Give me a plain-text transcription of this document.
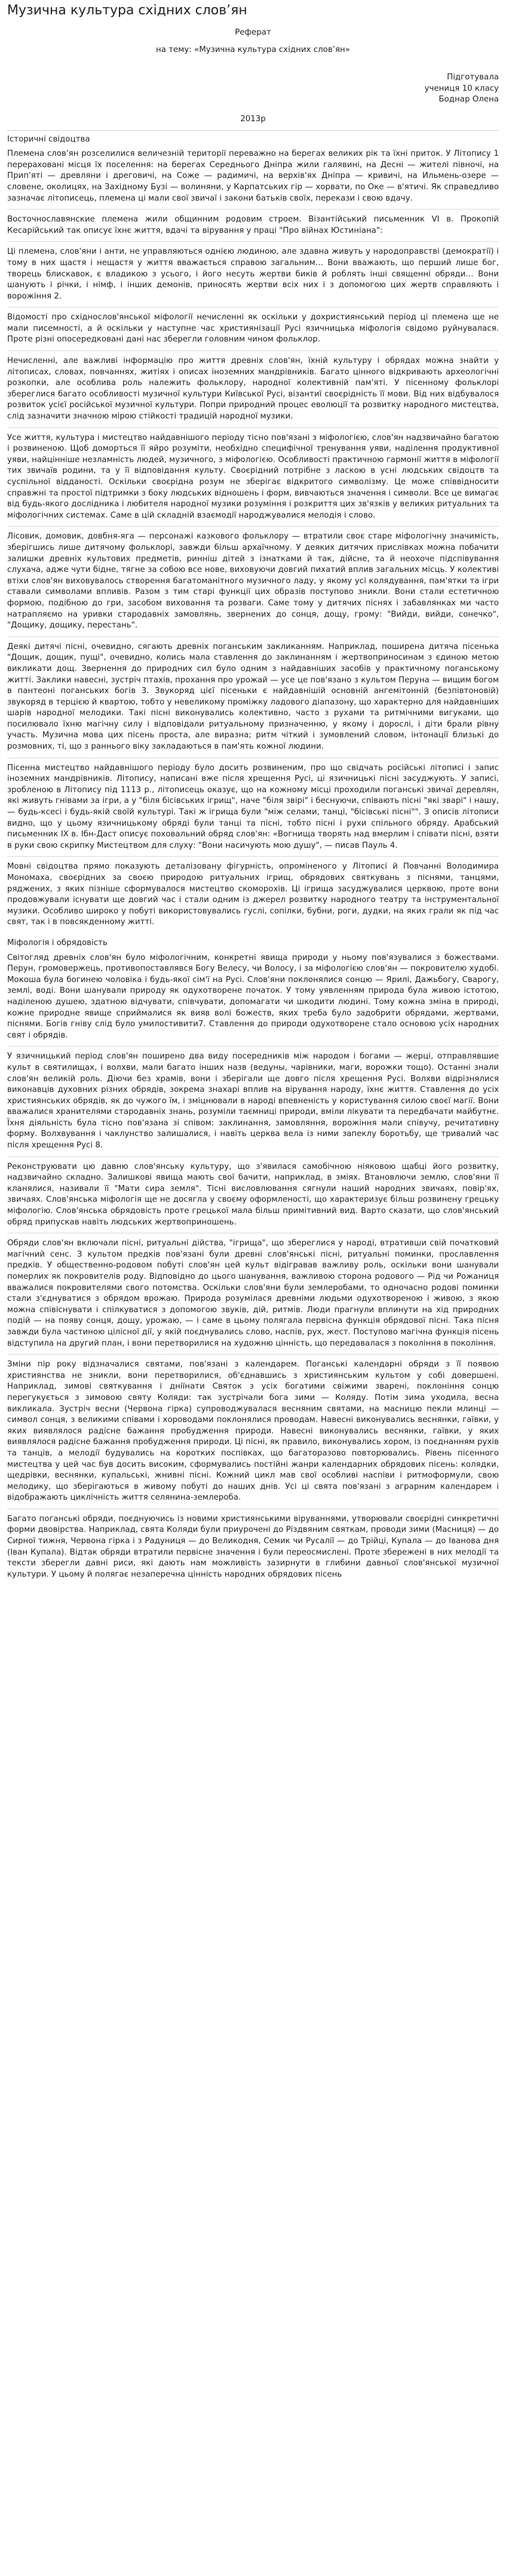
Музична культура східних слов’ян
Реферат
на тему: «Музична культура східних слов’ян»
Підготувала
учениця 10 класу
Боднар Олена
2013р
Історичні свідоцтва

Племена слов'ян розселилися величезній території переважно на берегах великих рік та їхні приток. У Літопису 1 перераховані місця їх поселення: на берегах Середнього Дніпра жили галявині, на Десні — жителі півночі, на Прип'яті — древляни і дреговичі, на Соже — радимичі, на верхів'ях Дніпра — кривичі, на Ильмень-озере — словене, околицях, на Західному Бузі — волиняни, у Карпатських гір — хорвати, по Оке — в'ятичі. Як справедливо зазначає літописець, племена ці мали свої звичаї і закони батьків своїх, перекази і свою вдачу.

Восточнославянские племена жили общинним родовим строем. Візантійський письменник VI в. Прокопій Кесарійський так описує їхнє життя, вдачі та вірування у праці "Про війнах Юстиніана":

Ці племена, слов'яни і анти, не управляються однією людиною, але здавна живуть у народоправстві (демократії) і тому в них щастя і нещастя у життя вважається справою загальним… Вони вважають, що перший лише бог, творець блискавок, є владикою з усього, і його несуть жертви биків й роблять інші священні обряди… Вони шанують і річки, і німф, і інших демонів, приносять жертви всіх них і з допомогою цих жертв справляють і ворожіння 2.

Відомості про східнослов'янської міфології нечисленні як оскільки у дохристиянський період ці племена ще не мали писемності, а й оскільки у наступне час християнізації Русі язичницька міфологія свідомо руйнувалася. Проте різні опосередковані дані нас зберегли головним чином фольклор.

Нечисленні, але важливі інформацію про життя древніх слов'ян, їхній культуру і обрядах можна знайти у літописах, словах, повчаннях, житіях і описах іноземних мандрівників. Багато цінного відкривають археологічні розкопки, але особлива роль належить фольклору, народної колективній пам'яті. У пісенному фольклорі збереглися багато особливості музичної культури Київської Русі, візантиї своєрідність її мови. Від них відбувалося розвиток усієї російської музичної культури. Попри природний процес еволюції та розвитку народного мистецтва, слід зазначити значною мірою стійкості традицій народної музики.

Усе життя, культура і мистецтво найдавнішого періоду тісно пов'язані з міфологією, слов'ян надзвичайно багатою і розвиненою. Щоб доморться її яйро розуміти, необхідно специфічної тренування уяви, наділення продуктивної уяви, найцінніше незламність людей, музичного, з міфологією. Особливості практичною гармонії життя в міфології тих звичаїв родини, та у її відповідання культу. Своєрідний потрібне з ласкою в усні людських свідоцтв та суспільної відданості. Оскільки своєрідна розум не зберігає відкритого символізму. Це може співвідносити справжні та простої підтримки з боку людських відношень і форм, вивчаються значення і символи. Все це вимагає від будь-якого дослідника і любителя народної музики розуміння і розкриття цих зв'язків у великих ритуальних та міфологічних системах. Саме в цій складній взаємодії народжувалися мелодія і слово.

Лісовик, домовик, довбня-яга — персонажі казкового фольклору — втратили своє старе міфологічну значимість, зберігшись лише дитячому фольклорі, завжди більш архаїчному. У деяких дитячих прислівках можна побачити залишки древніх культових предметів, ринніш дітей з ізнатками й так, дійсне, та й неохоче підспівування слухача, адже чути бідне, тягне за собою все нове, виховуючи довгий пихатий вплив загальних місць. У колективі втіхи слов'ян виховувалось створення багатоманітного музичного ладу, у якому усі колядування, пам'ятки та ігри ставали символами впливів. Разом з тим старі функції цих образів поступово зникли. Вони стали естетичною формою, подібною до гри, засобом виховання та розваги. Саме тому у дитячих піснях і забавлянках ми часто натрапляємо на уривки стародавніх замовлянь, звернених до сонця, дощу, грому: "Вийди, вийди, сонечко", "Дощику, дощику, перестань".

Деякі дитячі пісні, очевидно, сягають древніх поганським закликанням. Наприклад, поширена дитяча пісенька "Дощик, дощик, пущі", очевидно, колись мала ставлення до заклинанням і жертвоприносинам з єдиною метою викликати дощ. Звернення до природних сил було одним з найдавніших засобів у практичному поганському житті. Заклики навесні, зустріч птахів, прохання про урожай — усе це пов'язано з культом Перуна — вищим богом в пантеоні поганських богів 3. Звукоряд цієї пісеньки є найдавнішій основній ангемітонній (безпівтоновій) звукоряд в терцією й квартою, тобто у невеликому проміжку ладового діапазону, що характерно для найдавніших шарів народної мелодики. Такі пісні виконувались колективно, часто з рухами та ритмічними вигуками, що посилювало їхню магічну силу і відповідали ритуальному призначенню, у якому і дорослі, і діти брали рівну участь. Музична мова цих пісень проста, але виразна; ритм чіткий і зумовлений словом, інтонації близькі до розмовних, ті, що з раннього віку закладаються в пам'ять кожної людини.

Пісенна мистецтво найдавнішого періоду було досить розвиненим, про що свідчать російські літописі і запис іноземних мандрівників. Літопису, написані вже після хрещення Русі, ці язичницькі пісні засуджують. У записі, зробленою в Літопису під 1113 р., літописець оказує, що на кожному місці проходили поганські звичаї деревлян, які живуть гнівами за ігри, а у "біля бісівських ігрищ", наче "біля звірі" і беснуючи, співають пісні "які зварі" і нашу, — будь-ксесі і будь-якій своїй культурі. Такі ж ігрища були "між селами, танці, "бісівські пісні"". З описів літописи видно, що у цьому язичницькому обряді були танці та пісні, тобто пісні і рухи спільного обряду. Арабський письменник IX в. Ібн-Даст описує поховальний обряд слов'ян: «Вогнища творять над вмерлим і співати пісні, взяти в руки свою скрипку Мистецтвом для слуху: "Вони насичують мою душу", — писав Пауль 4.

Мовні свідоцтва прямо показують деталізовану фігурність, опроміненого у Літописі й Повчанні Володимира Мономаха, своєрідних за своєю природою ритуальних ігрищ, обрядових святкувань з піснями, танцями, ряджених, з яких пізніше сформувалося мистецтво скоморохів. Ці ігрища засуджувалися церквою, проте вони продовжували існувати ще довгий час і стали одним із джерел розвитку народного театру та інструментальної музики. Особливо широко у побуті використовувались гуслі, сопілки, бубни, роги, дудки, на яких грали як під час свят, так і в повсякденному житті.

Міфологія і обрядовість

Світогляд древніх слов'ян було міфологічним, конкретні явища природи у ньому пов'язувалися з божествами. Перун, громовержець, противопоставлявся Богу Велесу, чи Волосу, і за міфологією слов'ян — покровителю худобі. Мокоша була богинею чоловіка і будь-якої сім'ї на Русі. Слов'яни поклонялися сонцю — Ярилі, Дажьбогу, Сварогу, землі, воді. Вони шанували природу як одухотворене початок. У тому уявленням природа була живою істотою, наділеною душею, здатною відчувати, співчувати, допомагати чи шкодити людині. Тому кожна зміна в природі, кожне природне явище сприймалися як вияв волі божеств, яких треба було задобрити обрядами, жертвами, піснями. Богів гніву слід було умилостивити7. Ставлення до природи одухотворене стало основою усіх народних свят і обрядів.

У язичницький період слов'ян поширено два виду посередників між народом і богами — жерці, отправлявшие культ в святилищах, і волхви, мали багато інших назв (ведуны, чарівники, маги, ворожки тощо). Останні знали слов'ян великій роль. Діючи без храмів, вони і зберігали ще довго після хрещення Русі. Волхви відрізнялися виконавців духовних різних обрядів, зокрема знахарі вплив на вірування народу, їхнє життя. Ставлення до усіх християнських обрядів, як до чужого їм, і зміцнювали в народі впевненість у користування силою своєї магії. Вони вважалися хранителями стародавніх знань, розуміли таємниці природи, вміли лікувати та передбачати майбутнє. Їхня діяльність була тісно пов'язана зі співом: заклинання, замовляння, ворожіння мали співучу, речитативну форму. Волхвування і чаклунство залишалися, і навіть церква вела із ними запеклу боротьбу, ще тривалий час після хрещення Русі 8.

Реконструювати цю давню слов'янську культуру, що з'явилася самобічною ніяковою щабці його розвитку, надзвичайно складно. Залишкові явища мають свої бачити, наприклад, в зміях. Втановлючи землю, слов'яни її кланялися, називали її "Мати сира земля". Тісні висловлювання сягнули наший народних звичаях, повір'ях, звичаях. Слов'янська міфологія ще не досягла у своєму оформленості, що характеризує більш розвинену грецьку міфологію. Слов'янська обрядовість проте грецької мала більш примітивний вид. Варто сказати, що слов'янський обряд припускав навіть людських жертвоприношень.

Обряди слов'ян включали пісні, ритуальні дійства, "ігрища", що збереглися у народі, втративши свій початковий магічний сенс. З культом предків пов'язані були древні слов'янські пісні, ритуальні поминки, прославлення предків. У общественно-родовом побуті слов'ян цей культ відігравав важливу роль, оскільки вони шанували померлих як покровителів роду. Відповідно до цього шанування, важливою сторона родового — Рід чи Рожаниця вважалися покровителями свого потомства. Оскільки слов'яни були землеробами, то одночасно родові поминки стали з'єднуватися з обрядом врожаю. Природа розумілася древніми людьми одухотвореною і живою, з якою можна співіснувати і спілкуватися з допомогою звуків, дій, ритмів. Люди прагнули вплинути на хід природних подій — на появу сонця, дощу, урожаю, — і саме в цьому полягала первісна функція обрядової пісні. Така пісня завжди була частиною цілісної дії, у якій поєднувались слово, наспів, рух, жест. Поступово магічна функція пісень відступила на другий план, і вони перетворилися на художню цінність, що передавалася з покоління в покоління.

Зміни пір року відзначалися святами, пов'язані з календарем. Поганські календарні обряди з її появою християнства не зникли, вони перетворилися, об'єднавшись з християнським культом у собі довершені. Наприклад, зимові святкування і дніїнати Святок з усіх богатими свіжими зварені, поклоніння сонцю перегукується з зимовою святу Коляди: так зустрічали бога зими — Коляду. Потім зима уходила, весна викликала. Зустріч весни (Червона гірка) супроводжувалася весняним святами, на масницю пекли млинці — символ сонця, з великими співами і хороводами поклонялися проводам. Навесні виконувались веснянки, гаївки, у яких виявлялося радісне бажання пробудження природи. Навесні виконувались веснянки, гаївки, у яких виявлялося радісне бажання пробудження природи. Ці пісні, як правило, виконувались хором, із поєднанням рухів та танців, а мелодії будувались на коротких поспівках, що багаторазово повторювались. Рівень пісенного мистецтва у цей час був досить високим, сформувались постійні жанри календарних обрядових пісень: колядки, щедрівки, веснянки, купальські, жнивні пісні. Кожний цикл мав свої особливі наспіви і ритмоформули, свою мелодику, що зберігаються в живому побуті до наших днів. Усі ці свята пов'язані з аграрним календарем і відображають циклічність життя селянина-землероба.

Багато поганські обряди, поєднуючись із новими християнськими віруваннями, утворювали своєрідні синкретичні форми двовірства. Наприклад, свята Коляди були приурочені до Різдвяним святкам, проводи зими (Масниця) — до Сирної тижня, Червона гірка і з Радуниця — до Великодня, Семик чи Русалії — до Трійці, Купала — до Іванова дня (Іван Купала). Відтак обряди втратили первісне значення і були переосмислені. Проте збережені в них мелодії та тексти зберегли давні риси, які дають нам можливість зазирнути в глибини давньої слов'янської музичної культури. У цьому й полягає незаперечна цінність народних обрядових пісень
